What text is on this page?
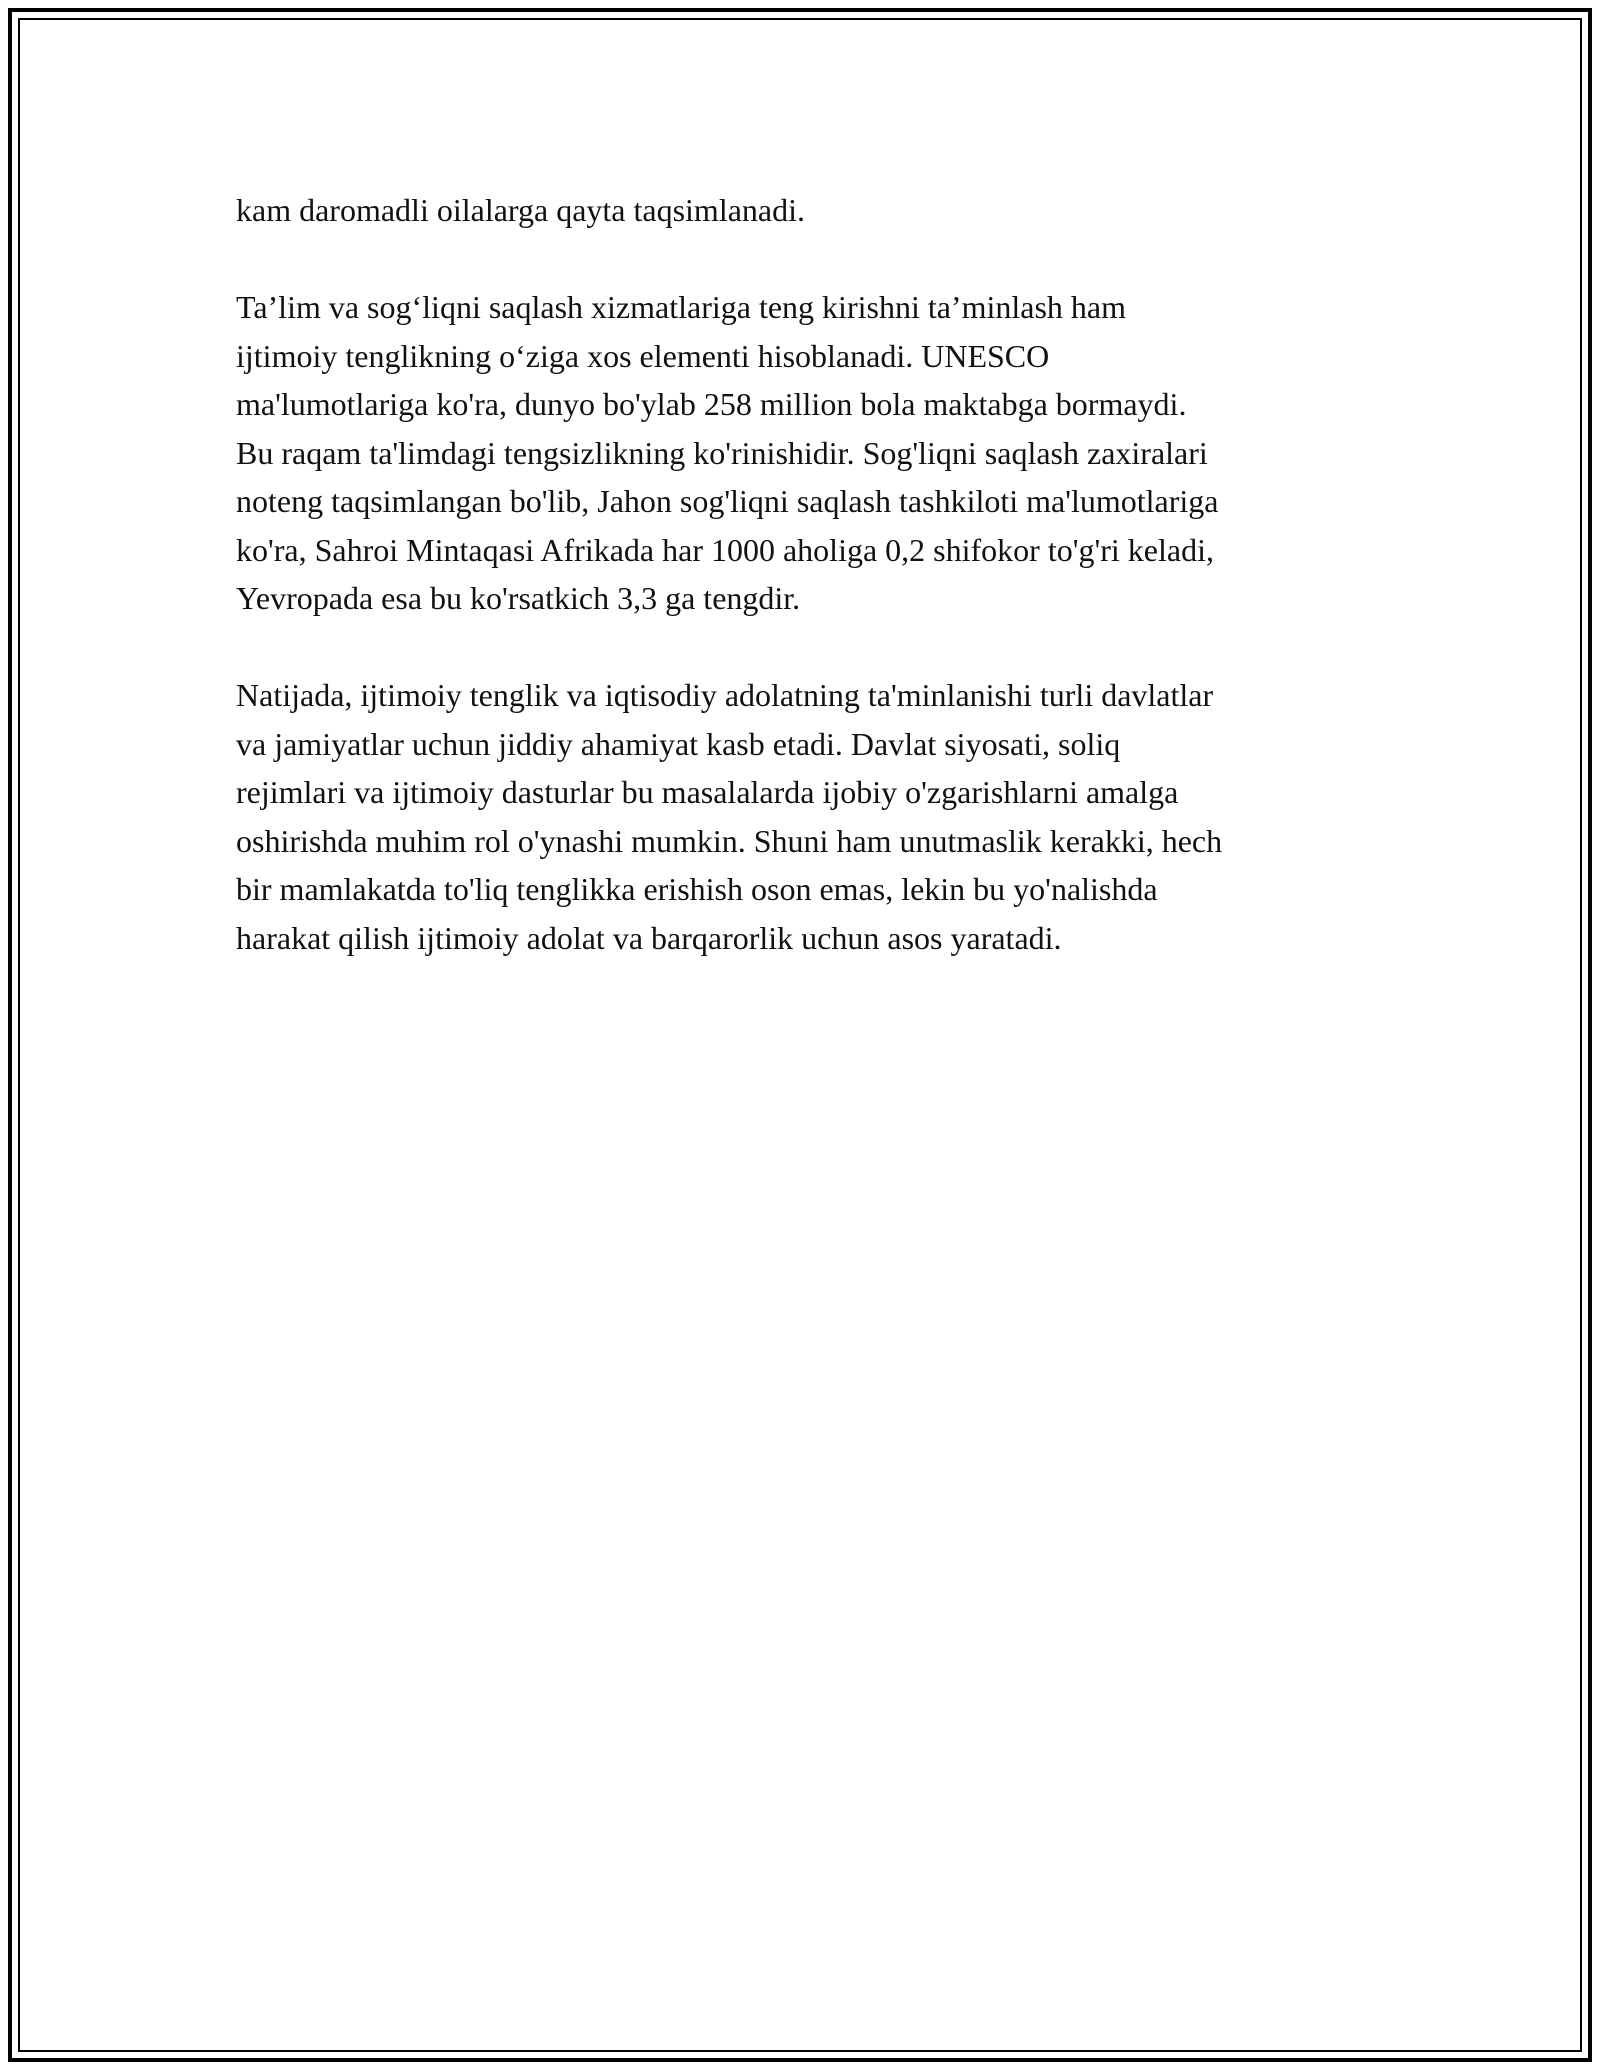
kam daromadli oilalarga qayta taqsimlanadi.

Ta’lim va sog‘liqni saqlash xizmatlariga teng kirishni ta’minlash ham
ijtimoiy tenglikning o‘ziga xos elementi hisoblanadi. UNESCO
ma'lumotlariga ko'ra, dunyo bo'ylab 258 million bola maktabga bormaydi.
Bu raqam ta'limdagi tengsizlikning ko'rinishidir. Sog'liqni saqlash zaxiralari
noteng taqsimlangan bo'lib, Jahon sog'liqni saqlash tashkiloti ma'lumotlariga
ko'ra, Sahroi Mintaqasi Afrikada har 1000 aholiga 0,2 shifokor to'g'ri keladi,
Yevropada esa bu ko'rsatkich 3,3 ga tengdir.

Natijada, ijtimoiy tenglik va iqtisodiy adolatning ta'minlanishi turli davlatlar
va jamiyatlar uchun jiddiy ahamiyat kasb etadi. Davlat siyosati, soliq
rejimlari va ijtimoiy dasturlar bu masalalarda ijobiy o'zgarishlarni amalga
oshirishda muhim rol o'ynashi mumkin. Shuni ham unutmaslik kerakki, hech
bir mamlakatda to'liq tenglikka erishish oson emas, lekin bu yo'nalishda
harakat qilish ijtimoiy adolat va barqarorlik uchun asos yaratadi.
